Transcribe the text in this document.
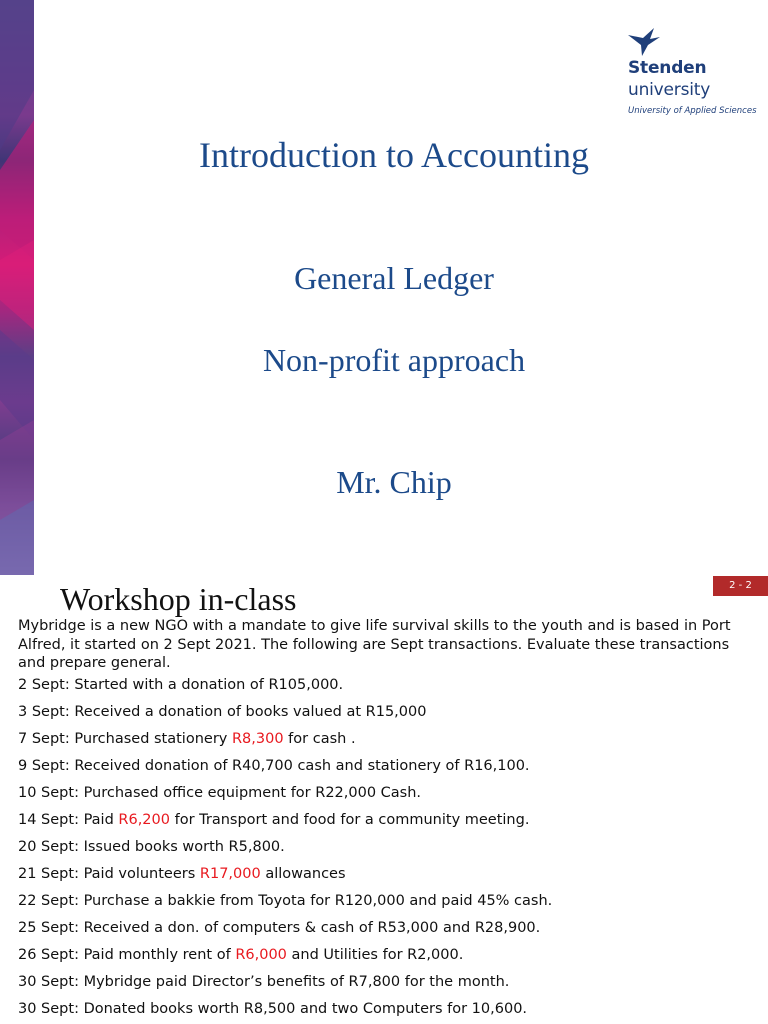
Stenden
university
University of Applied Sciences
Introduction to Accounting
General Ledger
Non-profit approach
Mr. Chip
Workshop in-class	2 - 2
Mybridge is a new NGO with a mandate to give life survival skills to the youth and is based in Port Alfred, it started on 2 Sept 2021. The following are Sept transactions. Evaluate these transactions and prepare general.
2 Sept: Started with a donation of R105,000.
3 Sept: Received a donation of books valued at R15,000
7 Sept: Purchased stationery R8,300 for cash .
9 Sept: Received donation of R40,700 cash and stationery of R16,100.
10 Sept: Purchased office equipment for R22,000 Cash.
14 Sept: Paid R6,200 for Transport and food for a community meeting.
20 Sept: Issued books worth R5,800.
21 Sept: Paid volunteers R17,000 allowances
22 Sept: Purchase a bakkie from Toyota for R120,000 and paid 45% cash.
25 Sept: Received a don. of computers & cash of R53,000 and R28,900.
26 Sept: Paid monthly rent of R6,000 and Utilities for R2,000.
30 Sept: Mybridge paid Director’s benefits of R7,800 for the month.
30 Sept: Donated books worth R8,500 and two Computers for 10,600.
